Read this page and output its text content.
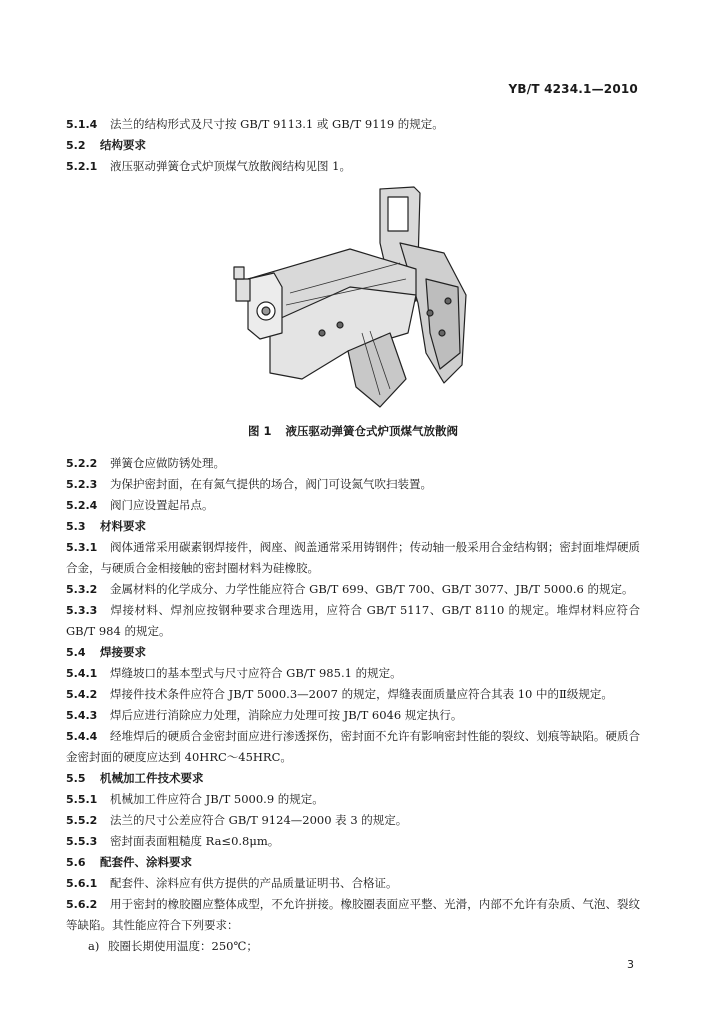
YB/T 4234.1—2010

5.1.4 法兰的结构形式及尺寸按 GB/T 9113.1 或 GB/T 9119 的规定。

5.2 结构要求

5.2.1 液压驱动弹簧仓式炉顶煤气放散阀结构见图 1。

图 1 液压驱动弹簧仓式炉顶煤气放散阀

5.2.2 弹簧仓应做防锈处理。

5.2.3 为保护密封面，在有氮气提供的场合，阀门可设氮气吹扫装置。

5.2.4 阀门应设置起吊点。

5.3 材料要求

5.3.1 阀体通常采用碳素钢焊接件，阀座、阀盖通常采用铸钢件；传动轴一般采用合金结构钢；密封面堆焊硬质合金，与硬质合金相接触的密封圈材料为硅橡胶。

5.3.2 金属材料的化学成分、力学性能应符合 GB/T 699、GB/T 700、GB/T 3077、JB/T 5000.6 的规定。

5.3.3 焊接材料、焊剂应按钢种要求合理选用，应符合 GB/T 5117、GB/T 8110 的规定。堆焊材料应符合 GB/T 984 的规定。

5.4 焊接要求

5.4.1 焊缝坡口的基本型式与尺寸应符合 GB/T 985.1 的规定。

5.4.2 焊接件技术条件应符合 JB/T 5000.3—2007 的规定，焊缝表面质量应符合其表 10 中的Ⅱ级规定。

5.4.3 焊后应进行消除应力处理，消除应力处理可按 JB/T 6046 规定执行。

5.4.4 经堆焊后的硬质合金密封面应进行渗透探伤，密封面不允许有影响密封性能的裂纹、划痕等缺陷。硬质合金密封面的硬度应达到 40HRC～45HRC。

5.5 机械加工件技术要求

5.5.1 机械加工件应符合 JB/T 5000.9 的规定。

5.5.2 法兰的尺寸公差应符合 GB/T 9124—2000 表 3 的规定。

5.5.3 密封面表面粗糙度 Ra≤0.8μm。

5.6 配套件、涂料要求

5.6.1 配套件、涂料应有供方提供的产品质量证明书、合格证。

5.6.2 用于密封的橡胶圈应整体成型，不允许拼接。橡胶圈表面应平整、光滑，内部不允许有杂质、气泡、裂纹等缺陷。其性能应符合下列要求：

a) 胶圈长期使用温度：250℃；

3
